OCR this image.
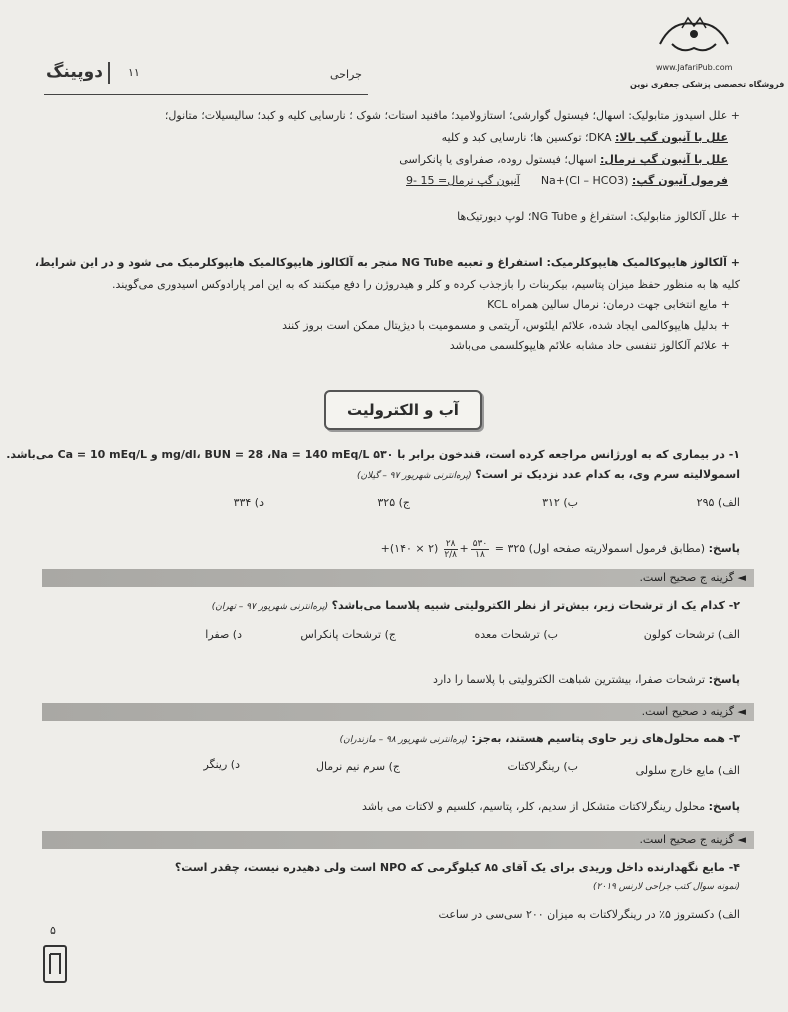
دوپینگ ۱۱	جراحی
www.JafariPub.com
فروشگاه تخصصی پزشکی جعفری نوین
+ علل اسیدوز متابولیک: اسهال؛ فیستول گوارشی؛ استازولامید؛ مافنید استات؛ شوک ؛ نارسایی کلیه و کبد؛ سالیسیلات؛ متانول؛
علل با آنیون گپ بالا: DKA؛ توکسین ها؛ نارسایی کبد و کلیه
علل با آنیون گپ نرمال: اسهال؛ فیستول روده، صفراوی یا پانکراسی
فرمول آنیون گپ: Na+(Cl – HCO3)      آنیون گپ نرمال= 15 -9
+ علل آلکالوز متابولیک: استفراغ و NG Tube؛ لوپ دیورتیک‌ها
+ آلکالوز هایپوکالمیک هایپوکلرمیک: استفراغ و تعبیه NG Tube منجر به آلکالوز هایپوکالمیک هایپوکلرمیک می شود و در این شرایط،
کلیه ها به منظور حفظ میزان پتاسیم، بیکربنات را بازجذب کرده و کلر و هیدروژن را دفع میکنند که به این امر پارادوکس اسیدوری می‌گویند.
+ مایع انتخابی جهت درمان: نرمال سالین همراه KCL
+ بدلیل هایپوکالمی ایجاد شده، علائم ایلئوس، آریتمی و مسمومیت با دیژیتال ممکن است بروز کنند
+ علائم آلکالوز تنفسی حاد مشابه علائم هایپوکلسمی می‌باشد
آب و الکترولیت
۱- در بیماری که به اورژانس مراجعه کرده است، قندخون برابر با ۵۳۰ mg/dl، BUN = 28 ،Na = 140 mEq/L و Ca = 10 mEq/L می‌باشد.
اسمولالیته سرم وی، به کدام عدد نزدیک تر است؟ (پره‌انترنی شهریور ۹۷ – گیلان)
الف) ۲۹۵
ب) ۳۱۲
ج) ۳۲۵
د) ۳۳۴
پاسخ: (مطابق فرمول اسمولاریته صفحه اول) ۳۲۵ =
$\frac{۵۳۰}{۱۸}$
+
$\frac{۲۸}{۲/۸}$
(۲ × ۱۴۰)+
◄ گزینه ج صحیح است.
۲- کدام یک از ترشحات زیر، بیش‌تر از نظر الکترولیتی شبیه پلاسما می‌باشد؟ (پره‌انترنی شهریور ۹۷ – تهران)
الف) ترشحات کولون
ب) ترشحات معده
ج) ترشحات پانکراس
د) صفرا
پاسخ: ترشحات صفرا، بیشترین شباهت الکترولیتی با پلاسما را دارد
◄ گزینه د صحیح است.
۳- همه محلول‌های زیر حاوی پتاسیم هستند، به‌جز: (پره‌انترنی شهریور ۹۸ – مازندران)
الف) مایع خارج سلولی
ب) رینگرلاکتات
ج) سرم نیم نرمال
د) رینگر
پاسخ: محلول رینگرلاکتات متشکل از سدیم، کلر، پتاسیم، کلسیم و لاکتات می باشد
◄ گزینه ج صحیح است.
۴- مایع نگهدارنده داخل وریدی برای یک آقای ۸۵ کیلوگرمی که NPO است ولی دهیدره نیست، چقدر است؟
(نمونه سوال کتب جراحی لارنس ۲۰۱۹)
الف) دکستروز ۵٪ در رینگرلاکتات به میزان ۲۰۰ سی‌سی در ساعت
۵
